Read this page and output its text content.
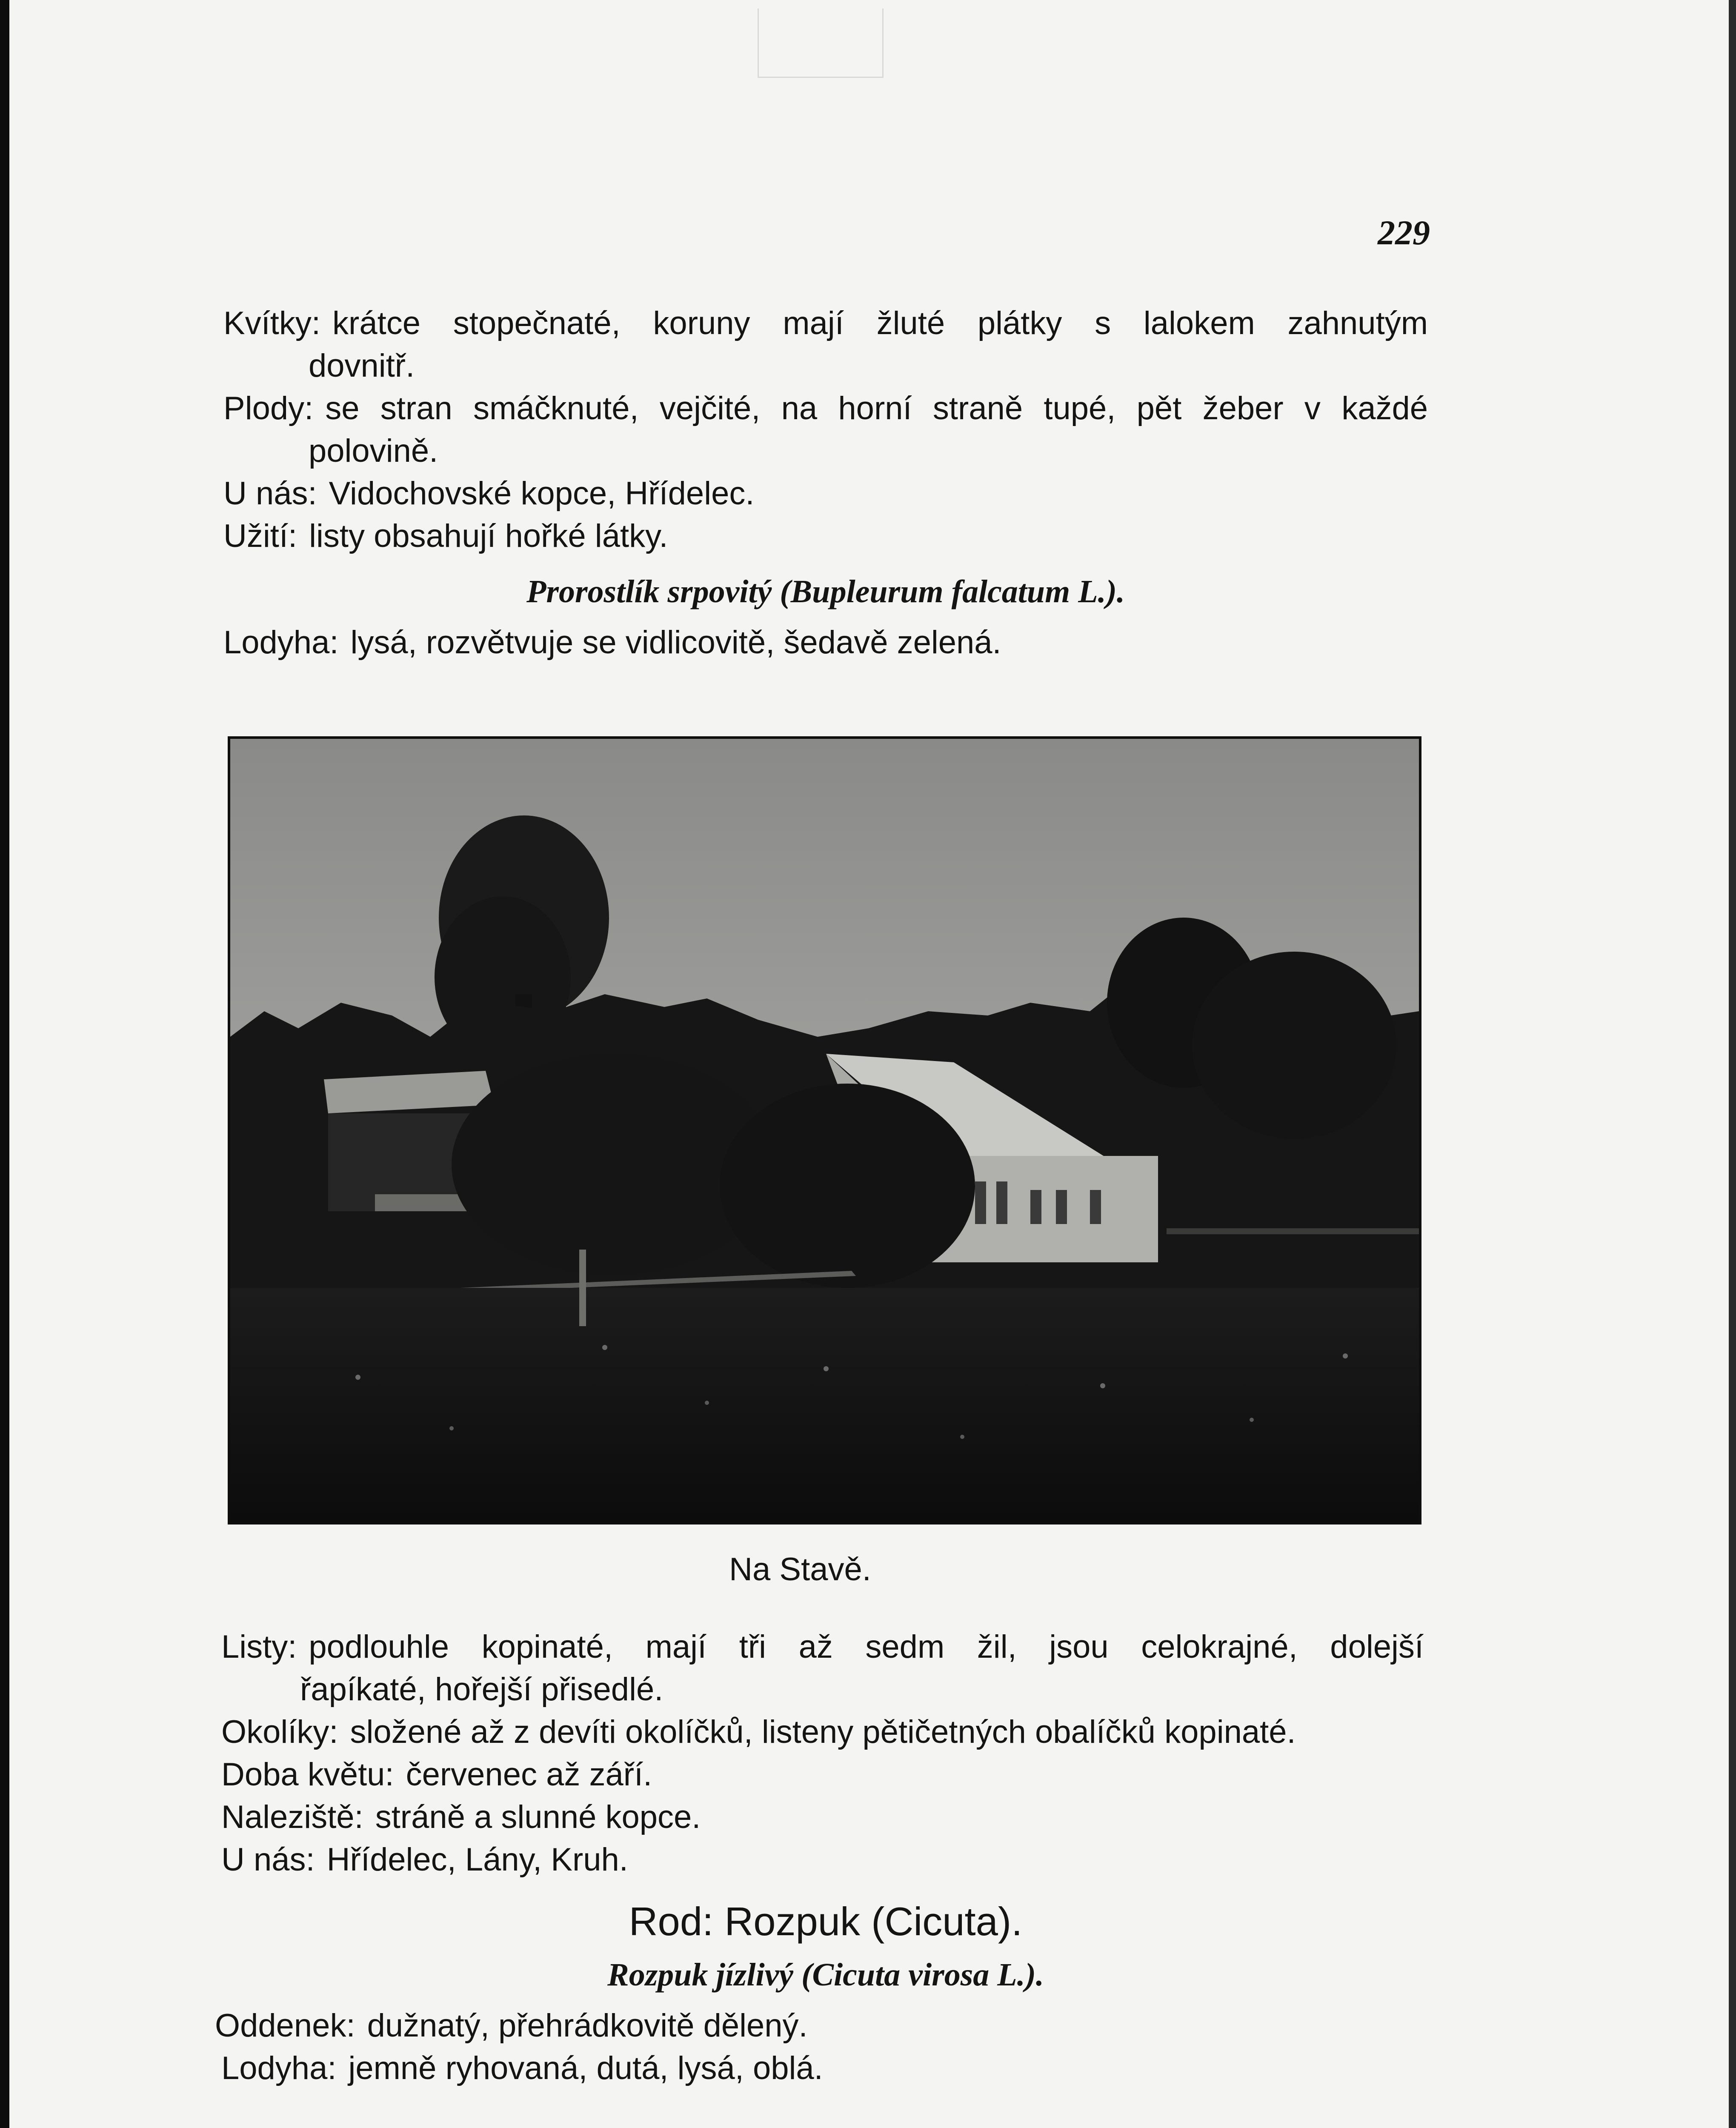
229
Kvítky: krátce stopečnaté, koruny mají žluté plátky s lalokem zahnutým
dovnitř.
Plody: se stran smáčknuté, vejčité, na horní straně tupé, pět žeber v každé
polovině.
U nás: Vidochovské kopce, Hřídelec.
Užití: listy obsahují hořké látky.
Prorostlík srpovitý (Bupleurum falcatum L.).
Lodyha: lysá, rozvětvuje se vidlicovitě, šedavě zelená.
Na Stavě.
Listy: podlouhle kopinaté, mají tři až sedm žil, jsou celokrajné, dolejší
řapíkaté, hořejší přisedlé.
Okolíky: složené až z devíti okolíčků, listeny pětičetných obalíčků kopinaté.
Doba květu: červenec až září.
Naleziště: stráně a slunné kopce.
U nás: Hřídelec, Lány, Kruh.
Rod: Rozpuk (Cicuta).
Rozpuk jízlivý (Cicuta virosa L.).
Oddenek: dužnatý, přehrádkovitě dělený.
Lodyha: jemně ryhovaná, dutá, lysá, oblá.
